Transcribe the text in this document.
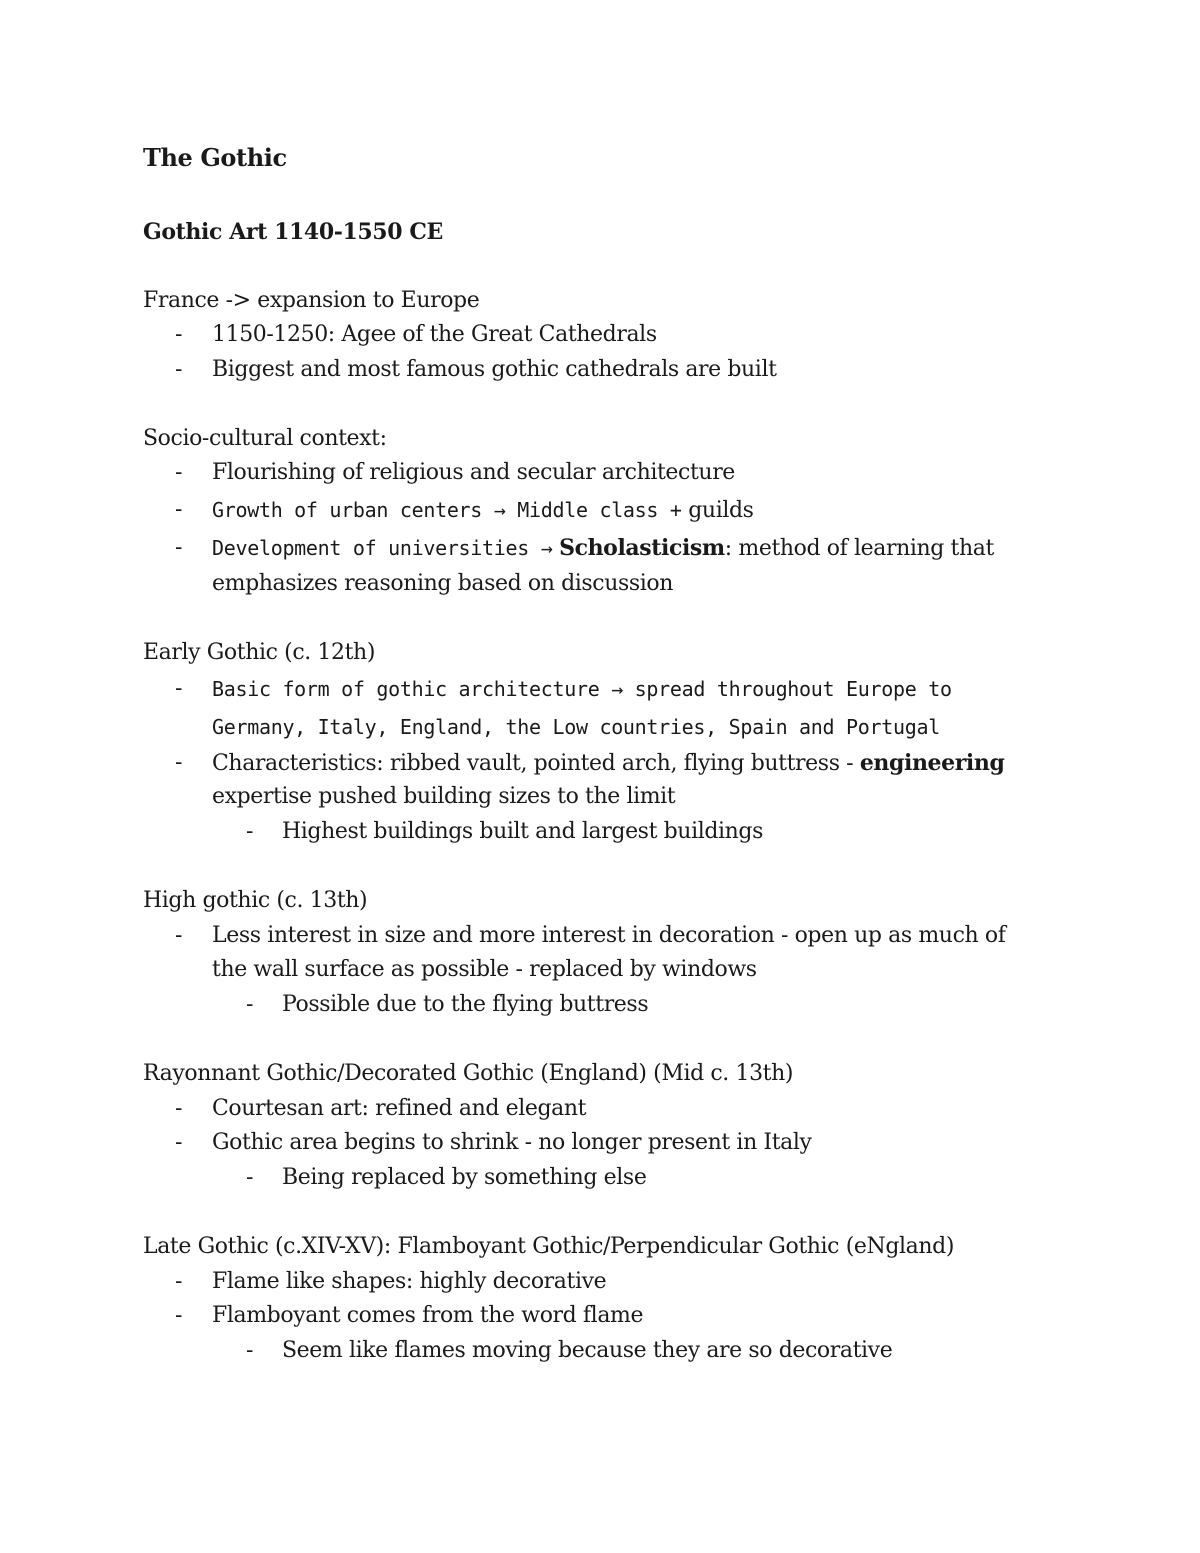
The Gothic
Gothic Art 1140-1550 CE
France -> expansion to Europe
- 1150-1250: Agee of the Great Cathedrals
- Biggest and most famous gothic cathedrals are built
Socio-cultural context:
- Flourishing of religious and secular architecture
- Growth of urban centers → Middle class + guilds
- Development of universities → Scholasticism: method of learning that
emphasizes reasoning based on discussion
Early Gothic (c. 12th)
- Basic form of gothic architecture → spread throughout Europe to
Germany, Italy, England, the Low countries, Spain and Portugal
- Characteristics: ribbed vault, pointed arch, flying buttress - engineering
expertise pushed building sizes to the limit
- Highest buildings built and largest buildings
High gothic (c. 13th)
- Less interest in size and more interest in decoration - open up as much of
the wall surface as possible - replaced by windows
- Possible due to the flying buttress
Rayonnant Gothic/Decorated Gothic (England) (Mid c. 13th)
- Courtesan art: refined and elegant
- Gothic area begins to shrink - no longer present in Italy
- Being replaced by something else
Late Gothic (c.XIV-XV): Flamboyant Gothic/Perpendicular Gothic (eNgland)
- Flame like shapes: highly decorative
- Flamboyant comes from the word flame
- Seem like flames moving because they are so decorative
